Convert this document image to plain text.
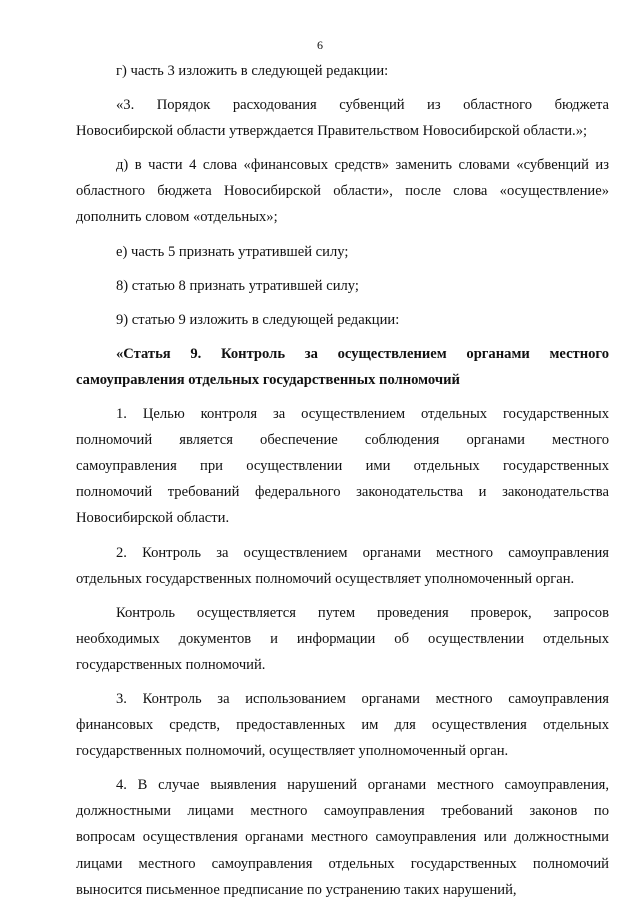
6
г) часть 3 изложить в следующей редакции:
«3. Порядок расходования субвенций из областного бюджета
Новосибирской области утверждается Правительством Новосибирской области.»;
д) в части 4 слова «финансовых средств» заменить словами «субвенций из
областного бюджета Новосибирской области», после слова «осуществление»
дополнить словом «отдельных»;
е) часть 5 признать утратившей силу;
8) статью 8 признать утратившей силу;
9) статью 9 изложить в следующей редакции:
«Статья 9. Контроль за осуществлением органами местного
самоуправления отдельных государственных полномочий
1. Целью контроля за осуществлением отдельных государственных
полномочий является обеспечение соблюдения органами местного
самоуправления при осуществлении ими отдельных государственных
полномочий требований федерального законодательства и законодательства
Новосибирской области.
2. Контроль за осуществлением органами местного самоуправления
отдельных государственных полномочий осуществляет уполномоченный орган.
Контроль осуществляется путем проведения проверок, запросов
необходимых документов и информации об осуществлении отдельных
государственных полномочий.
3. Контроль за использованием органами местного самоуправления
финансовых средств, предоставленных им для осуществления отдельных
государственных полномочий, осуществляет уполномоченный орган.
4. В случае выявления нарушений органами местного самоуправления,
должностными лицами местного самоуправления требований законов по
вопросам осуществления органами местного самоуправления или должностными
лицами местного самоуправления отдельных государственных полномочий
выносится письменное предписание по устранению таких нарушений,
